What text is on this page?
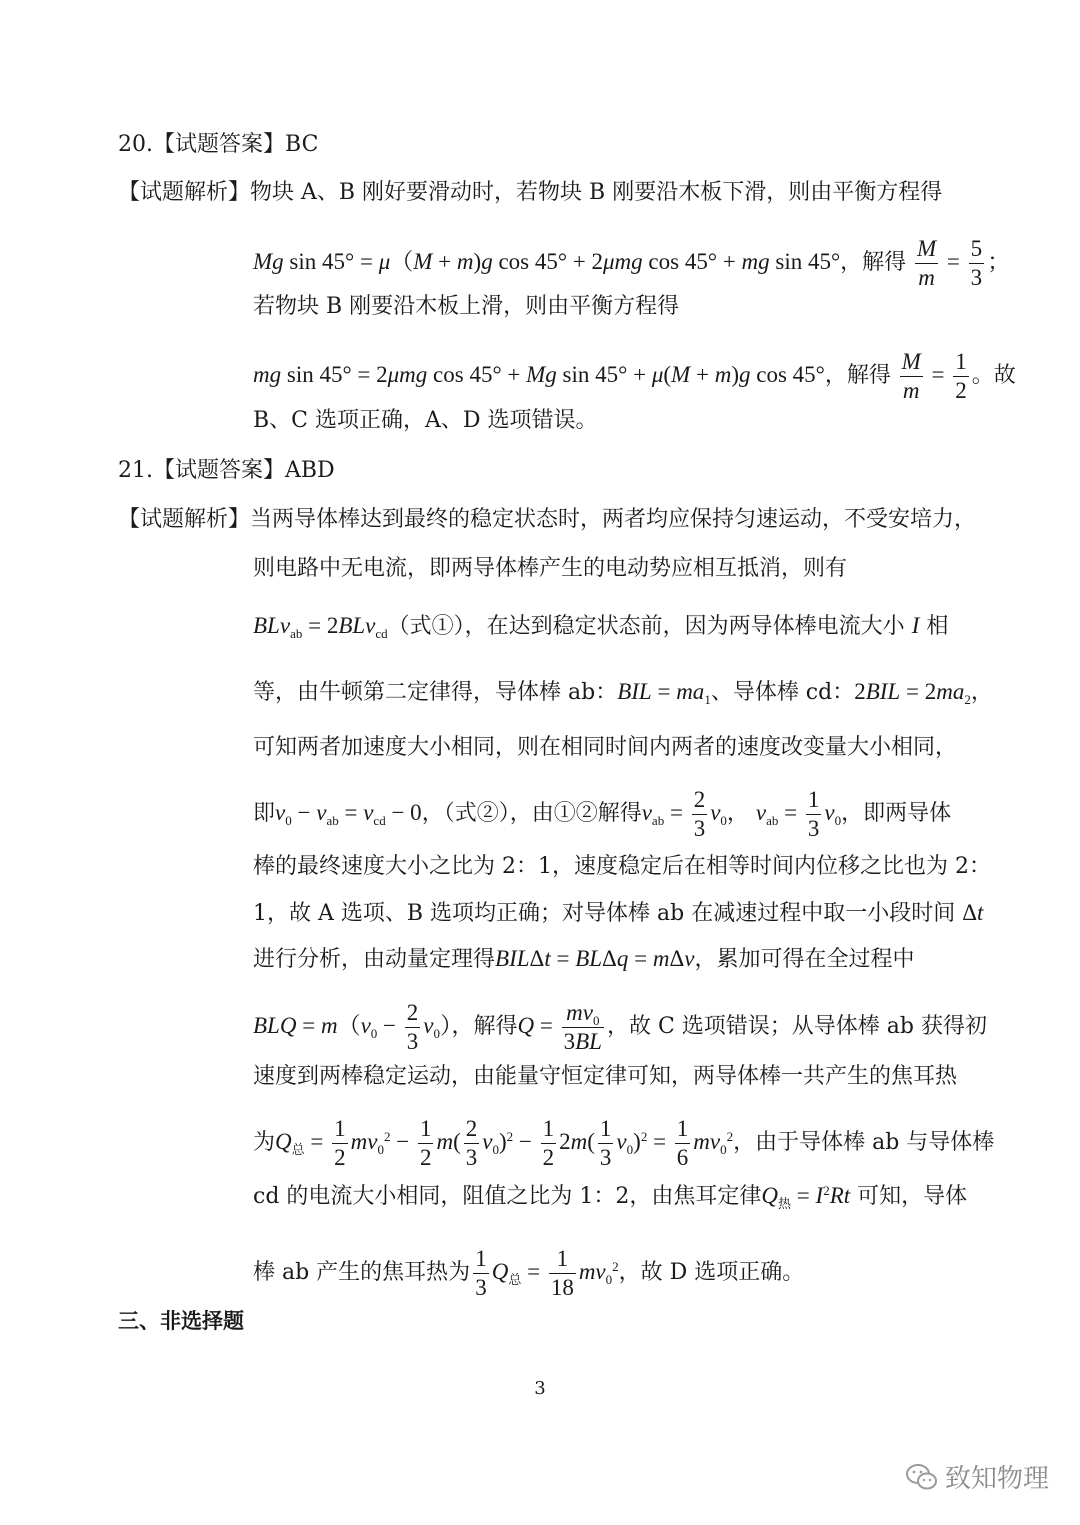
20.【试题答案】BC
【试题解析】物块 A、B 刚好要滑动时，若物块 B 刚要沿木板下滑，则由平衡方程得
Mg sin 45° = μ（M + m)g cos 45° + 2μmg cos 45° + mg sin 45°，解得 $\frac{M}{m} = \frac{5}{3}$ ；
若物块 B 刚要沿木板上滑，则由平衡方程得
mg sin 45° = 2μmg cos 45° + Mg sin 45° + μ(M + m)g cos 45°，解得 $\frac{M}{m} = \frac{1}{2}$ 。故
B、C 选项正确，A、D 选项错误。
21.【试题答案】ABD
【试题解析】当两导体棒达到最终的稳定状态时，两者均应保持匀速运动，不受安培力，
则电路中无电流，即两导体棒产生的电动势应相互抵消，则有
BLv$_{ab}$ = 2BLv$_{cd}$（式①），在达到稳定状态前，因为两导体棒电流大小 I 相
等，由牛顿第二定律得，导体棒 ab：BIL = $ma_1$、导体棒 cd：$2BIL = 2ma_2$，
可知两者加速度大小相同，则在相同时间内两者的速度改变量大小相同，
即$v_0 - v_{ab} = v_{cd} - 0$，（式②），由①②解得$v_{ab} = \frac{2}{3} v_0$， $v_{ab} = \frac{1}{3} v_0$，即两导体
棒的最终速度大小之比为 2：1，速度稳定后在相等时间内位移之比也为 2：
1，故 A 选项、B 选项均正确；对导体棒 ab 在减速过程中取一小段时间 Δt
进行分析，由动量定理得BILΔt = BLΔq = mΔv，累加可得在全过程中
BLQ = $m(v_0 - \frac{2}{3} v_0)$，解得$Q = \frac{mv_0}{3BL}$ ，故 C 选项错误；从导体棒 ab 获得初
速度到两棒稳定运动，由能量守恒定律可知，两导体棒一共产生的焦耳热
为$Q_总 = \frac{1}{2} mv_0^2 - \frac{1}{2} m( \frac{2}{3} v_0)^2 - \frac{1}{2} 2m( \frac{1}{3} v_0)^2 = \frac{1}{6} mv_0^2$，由于导体棒 ab 与导体棒
cd 的电流大小相同，阻值之比为 1：2，由焦耳定律$Q_热 = I^2Rt$ 可知，导体
棒 ab 产生的焦耳热为 $\frac{1}{3} Q_总 = \frac{1}{18} mv_0^2$，故 D 选项正确。
三、非选择题
3
致知物理
